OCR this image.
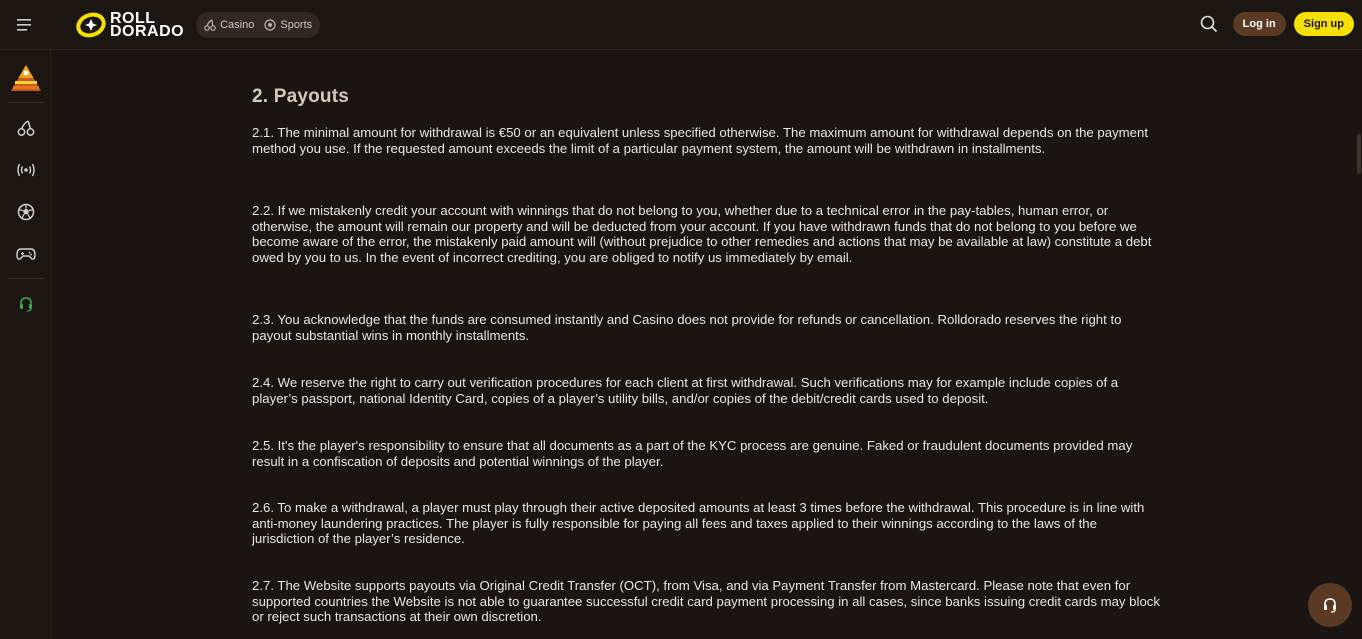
ROLL
DORADO	Casino Sports	Log in	Sign up
2. Payouts

2.1. The minimal amount for withdrawal is €50 or an equivalent unless specified otherwise. The maximum amount for withdrawal depends on the payment method you use. If the requested amount exceeds the limit of a particular payment system, the amount will be withdrawn in installments.

2.2. If we mistakenly credit your account with winnings that do not belong to you, whether due to a technical error in the pay-tables, human error, or otherwise, the amount will remain our property and will be deducted from your account. If you have withdrawn funds that do not belong to you before we become aware of the error, the mistakenly paid amount will (without prejudice to other remedies and actions that may be available at law) constitute a debt owed by you to us. In the event of incorrect crediting, you are obliged to notify us immediately by email.

2.3. You acknowledge that the funds are consumed instantly and Casino does not provide for refunds or cancellation. Rolldorado reserves the right to payout substantial wins in monthly installments.

2.4. We reserve the right to carry out verification procedures for each client at first withdrawal. Such verifications may for example include copies of a player’s passport, national Identity Card, copies of a player’s utility bills, and/or copies of the debit/credit cards used to deposit.

2.5. It's the player's responsibility to ensure that all documents as a part of the KYC process are genuine. Faked or fraudulent documents provided may result in a confiscation of deposits and potential winnings of the player.

2.6. To make a withdrawal, a player must play through their active deposited amounts at least 3 times before the withdrawal. This procedure is in line with anti-money laundering practices. The player is fully responsible for paying all fees and taxes applied to their winnings according to the laws of the jurisdiction of the player’s residence.

2.7. The Website supports payouts via Original Credit Transfer (OCT), from Visa, and via Payment Transfer from Mastercard. Please note that even for supported countries the Website is not able to guarantee successful credit card payment processing in all cases, since banks issuing credit cards may block or reject such transactions at their own discretion.
